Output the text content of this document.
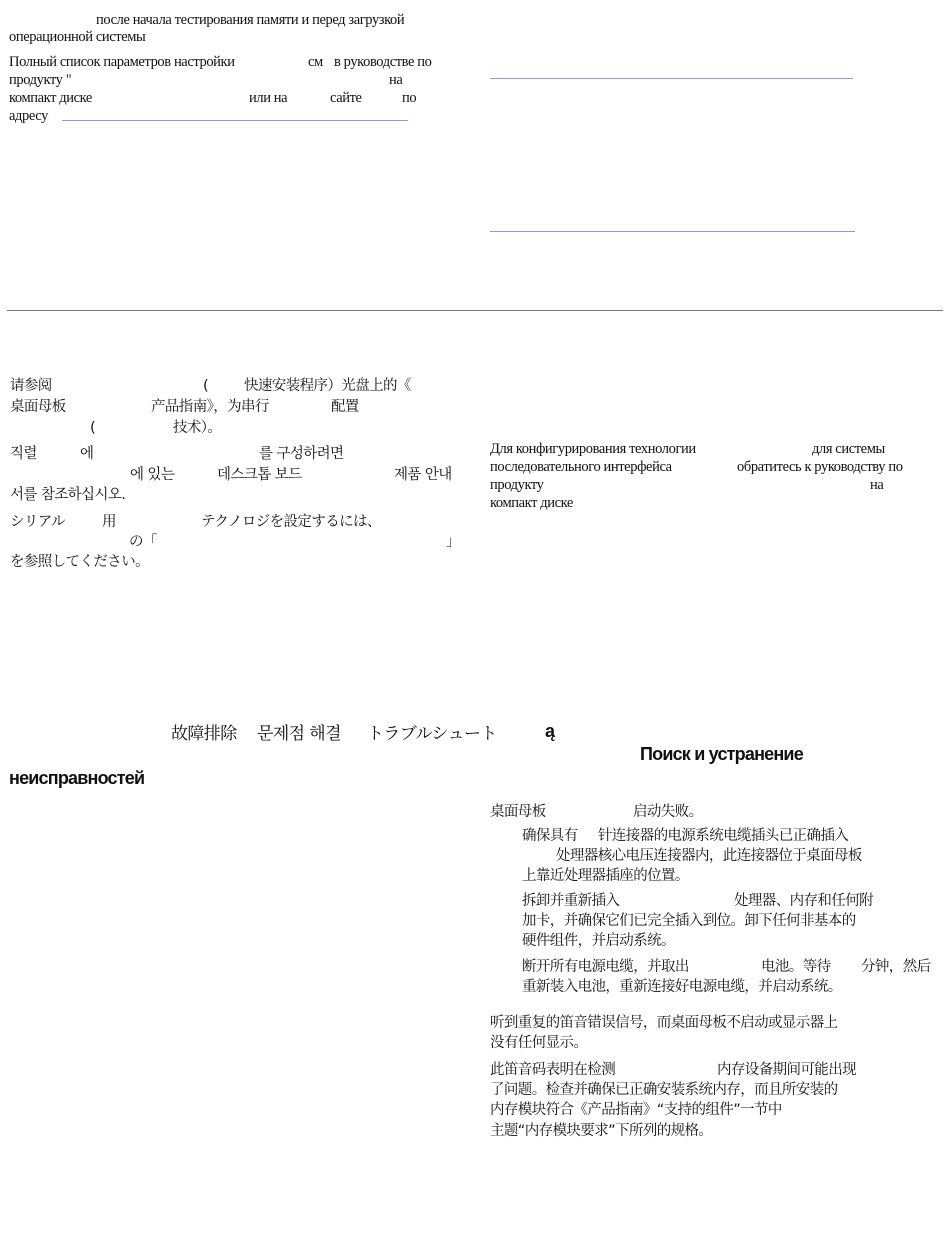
после начала тестирования памяти и перед загрузкой
операционной системы
Полный список параметров настройки	см в руководстве по
продукту "	на
компакт диске	или на	сайте	по
адресу
请参阅	( 快速安装程序）光盘上的《
桌面母板	产品指南》，为串行	配置
(	技术）。
직렬	에	를 구성하려면
에 있는	데스크톱 보드	제품 안내
서를 참조하십시오.
シリアル	用	テクノロジを設定するには、
の「	」
を参照してください。
Для конфигурирования технологии	для системы
последовательного интерфейса	обратитесь к руководству по
продукту	на
компакт диске
故障排除 문제점 해결 トラブルシュート	ą
Поиск и устранение
неисправностей
桌面母板	启动失败。
确保具有 针连接器的电源系统电缆插头已正确插入
处理器核心电压连接器内，此连接器位于桌面母板
上靠近处理器插座的位置。
拆卸并重新插入	处理器、内存和任何附
加卡，并确保它们已完全插入到位。卸下任何非基本的
硬件组件，并启动系统。
断开所有电源电缆，并取出	电池。等待 分钟，然后
重新装入电池，重新连接好电源电缆，并启动系统。
听到重复的笛音错误信号，而桌面母板不启动或显示器上
没有任何显示。
此笛音码表明在检测	内存设备期间可能出现
了问题。检查并确保已正确安装系统内存，而且所安装的
内存模块符合《产品指南》“支持的组件”一节中
主题“内存模块要求”下所列的规格。
